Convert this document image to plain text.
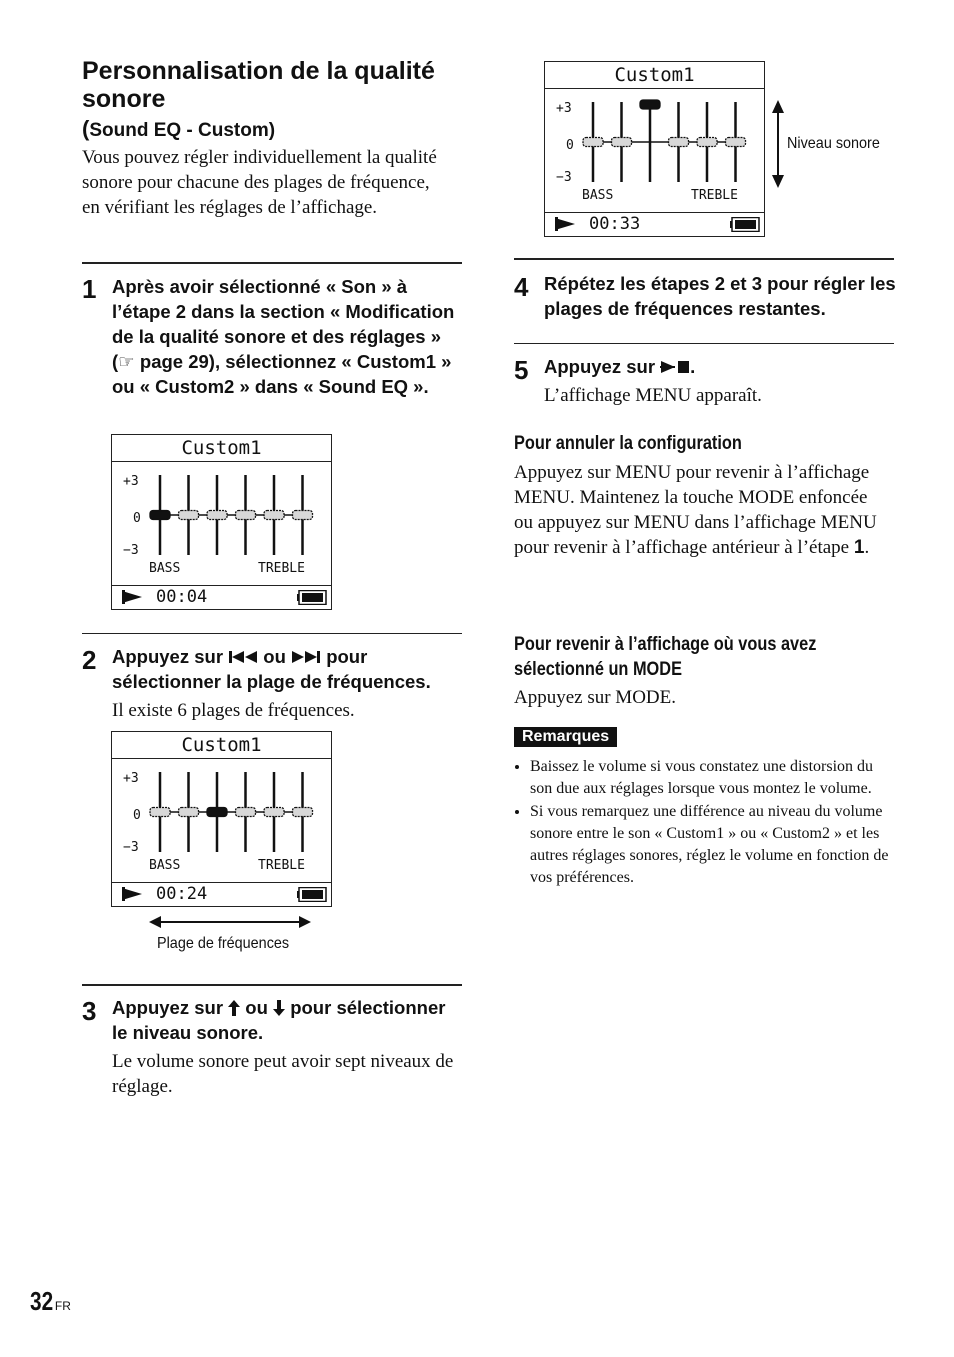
Personnalisation de la qualité sonore
(Sound EQ - Custom)
Vous pouvez régler individuellement la qualité sonore pour chacune des plages de fréquence, en vérifiant les réglages de l’affichage.
1 Après avoir sélectionné « Son » à l’étape 2 dans la section « Modification de la qualité sonore et des réglages » (☞ page 29), sélectionnez « Custom1 » ou « Custom2 » dans « Sound EQ ».
Custom1
+3
0
−3
BASS	TREBLE
00:04
2 Appuyez sur  ou  pour sélectionner la plage de fréquences.
Il existe 6 plages de fréquences.
Custom1
+3
0
−3
BASS	TREBLE
00:24
Plage de fréquences
3 Appuyez sur  ou  pour sélectionner le niveau sonore.
Le volume sonore peut avoir sept niveaux de réglage.
Custom1
+3
0
−3
BASS	TREBLE
00:33
Niveau sonore
4 Répétez les étapes 2 et 3 pour régler les plages de fréquences restantes.
5 Appuyez sur .
L’affichage MENU apparaît.
Pour annuler la configuration
Appuyez sur MENU pour revenir à l’affichage MENU. Maintenez la touche MODE enfoncée ou appuyez sur MENU dans l’affichage MENU pour revenir à l’affichage antérieur à l’étape 1.
Pour revenir à l’affichage où vous avez sélectionné un MODE
Appuyez sur MODE.
Remarques
• Baissez le volume si vous constatez une distorsion du son due aux réglages lorsque vous montez le volume.
• Si vous remarquez une différence au niveau du volume sonore entre le son « Custom1 » ou « Custom2 » et les autres réglages sonores, réglez le volume en fonction de vos préférences.
32 FR
